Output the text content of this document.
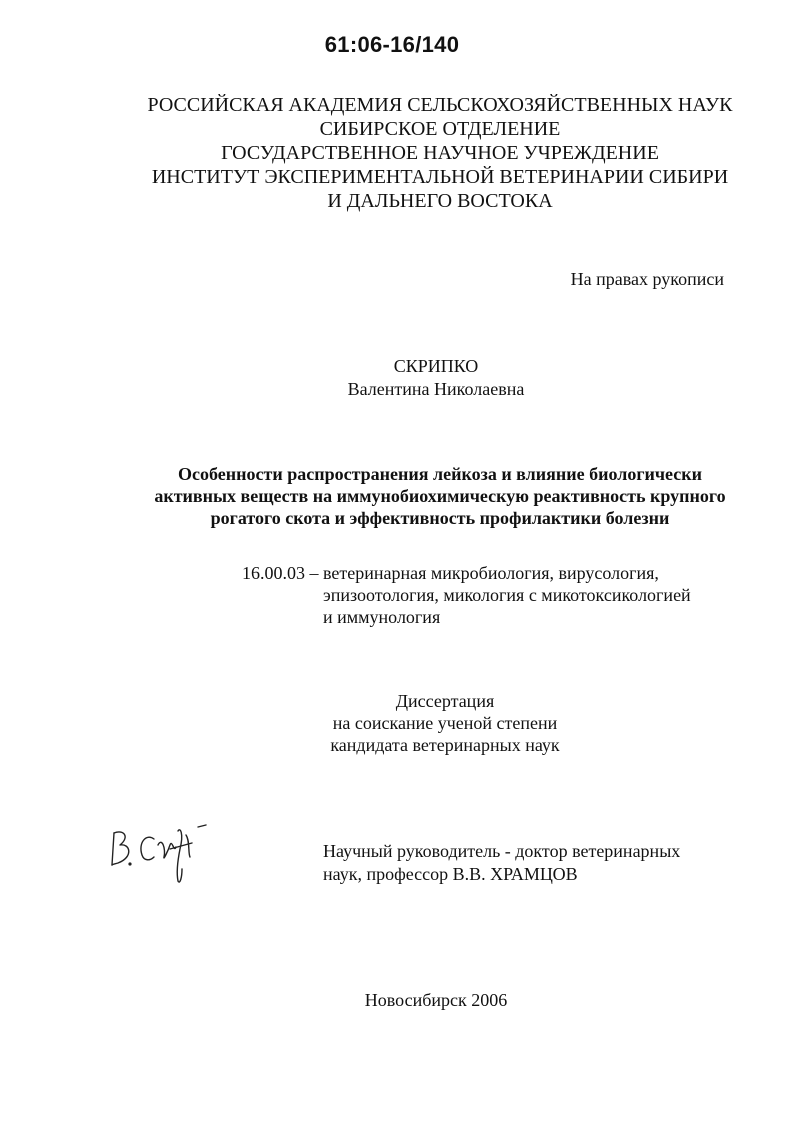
61:06-16/140
РОССИЙСКАЯ АКАДЕМИЯ СЕЛЬСКОХОЗЯЙСТВЕННЫХ НАУК
СИБИРСКОЕ ОТДЕЛЕНИЕ
ГОСУДАРСТВЕННОЕ НАУЧНОЕ УЧРЕЖДЕНИЕ
ИНСТИТУТ ЭКСПЕРИМЕНТАЛЬНОЙ ВЕТЕРИНАРИИ СИБИРИ
И ДАЛЬНЕГО ВОСТОКА
На правах рукописи
СКРИПКО
Валентина Николаевна
Особенности распространения лейкоза и влияние биологически
активных веществ на иммунобиохимическую реактивность крупного
рогатого скота и эффективность профилактики болезни
16.00.03 – ветеринарная микробиология, вирусология,
эпизоотология, микология с микотоксикологией
и иммунология
Диссертация
на соискание ученой степени
кандидата ветеринарных наук
Научный руководитель - доктор ветеринарных
наук, профессор В.В. ХРАМЦОВ
Новосибирск 2006
